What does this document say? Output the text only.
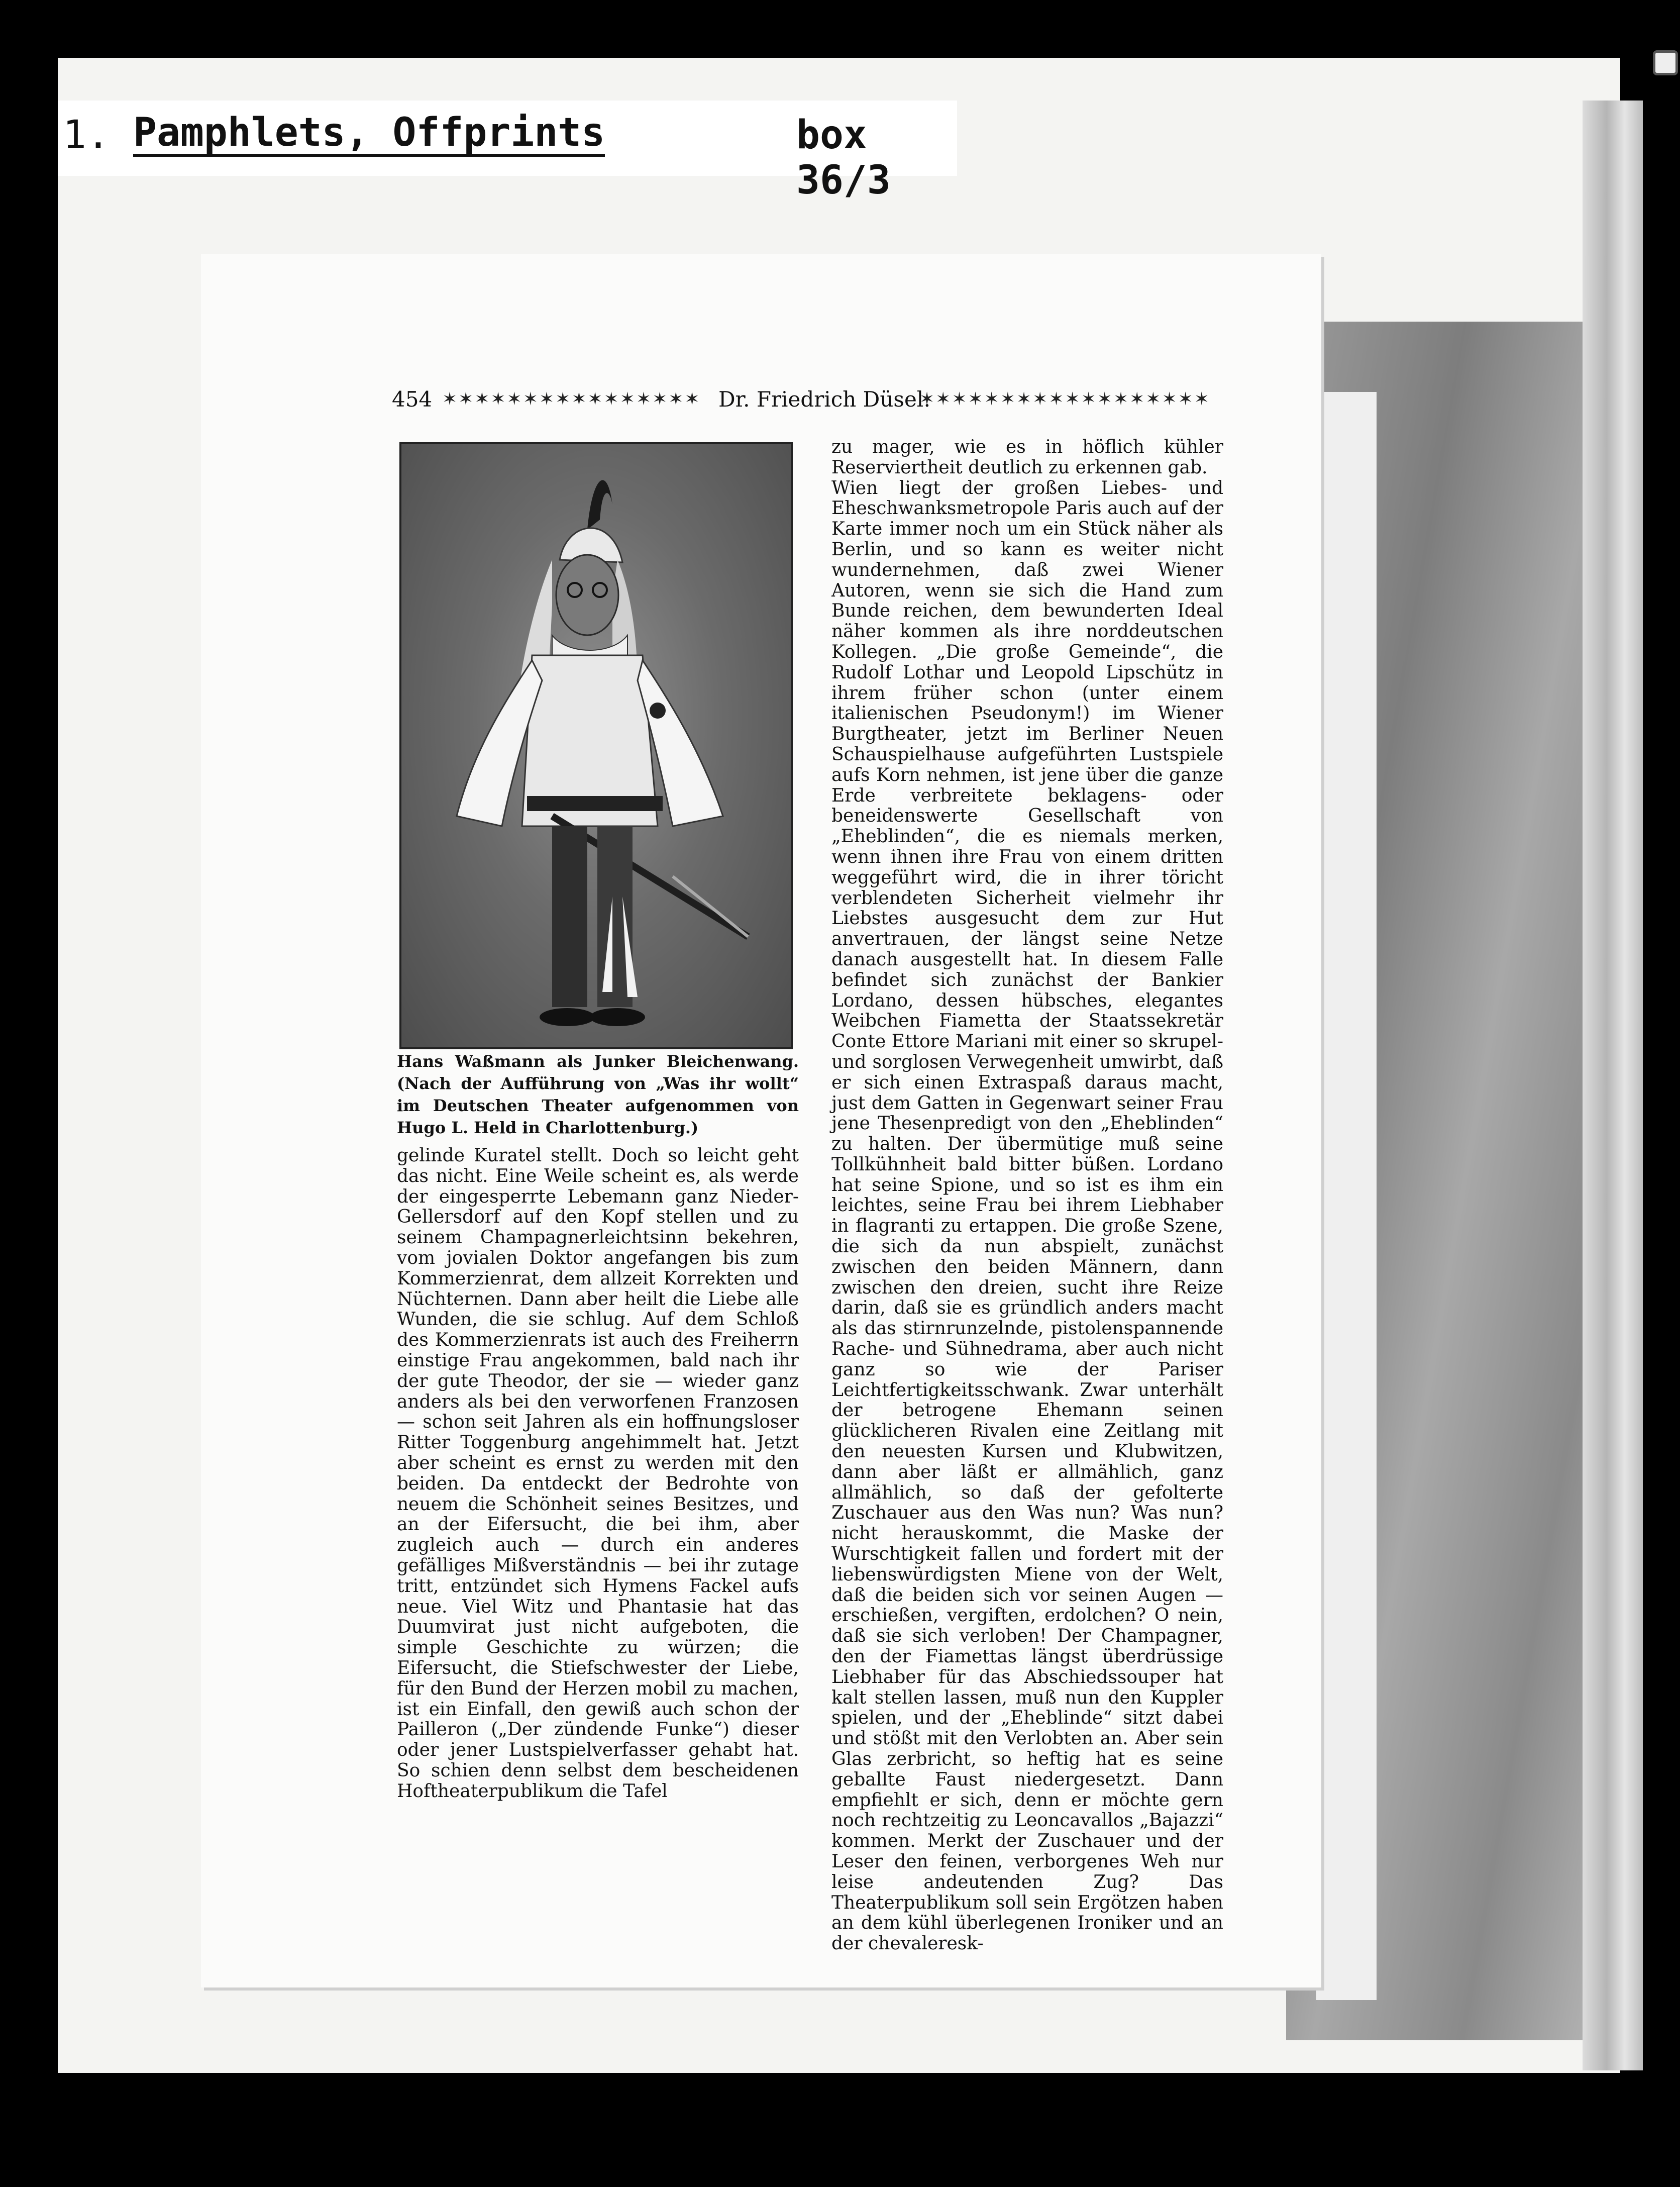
1. Pamphlets, Offprints	box 36/3
454 ✶✶✶✶✶✶✶✶✶✶✶✶✶✶✶✶ Dr. Friedrich Düsel:
✶✶✶✶✶✶✶✶✶✶✶✶✶✶✶✶✶✶
Hans Waßmann als Junker Bleichenwang. (Nach der Aufführung von „Was ihr wollt“ im Deutschen Theater aufgenommen von Hugo L. Held in Charlottenburg.)
gelinde Kuratel stellt. Doch so leicht geht das nicht. Eine Weile scheint es, als werde der eingesperrte Lebemann ganz Nieder-Gellersdorf auf den Kopf stellen und zu seinem Champagnerleichtsinn bekehren, vom jovialen Doktor angefangen bis zum Kommerzienrat, dem allzeit Korrekten und Nüchternen. Dann aber heilt die Liebe alle Wunden, die sie schlug. Auf dem Schloß des Kommerzienrats ist auch des Freiherrn einstige Frau angekommen, bald nach ihr der gute Theodor, der sie — wieder ganz anders als bei den verworfenen Franzosen — schon seit Jahren als ein hoffnungsloser Ritter Toggenburg angehimmelt hat. Jetzt aber scheint es ernst zu werden mit den beiden. Da entdeckt der Bedrohte von neuem die Schönheit seines Besitzes, und an der Eifersucht, die bei ihm, aber zugleich auch — durch ein anderes gefälliges Mißverständnis — bei ihr zutage tritt, entzündet sich Hymens Fackel aufs neue. Viel Witz und Phantasie hat das Duumvirat just nicht aufgeboten, die simple Geschichte zu würzen; die Eifersucht, die Stiefschwester der Liebe, für den Bund der Herzen mobil zu machen, ist ein Einfall, den gewiß auch schon der Pailleron („Der zündende Funke“) dieser oder jener Lustspielverfasser gehabt hat. So schien denn selbst dem bescheidenen Hoftheaterpublikum die Tafel
zu mager, wie es in höflich kühler Reserviertheit deutlich zu erkennen gab.
Wien liegt der großen Liebes- und Eheschwanksmetropole Paris auch auf der Karte immer noch um ein Stück näher als Berlin, und so kann es weiter nicht wundernehmen, daß zwei Wiener Autoren, wenn sie sich die Hand zum Bunde reichen, dem bewunderten Ideal näher kommen als ihre norddeutschen Kollegen. „Die große Gemeinde“, die Rudolf Lothar und Leopold Lipschütz in ihrem früher schon (unter einem italienischen Pseudonym!) im Wiener Burgtheater, jetzt im Berliner Neuen Schauspielhause aufgeführten Lustspiele aufs Korn nehmen, ist jene über die ganze Erde verbreitete beklagens- oder beneidenswerte Gesellschaft von „Eheblinden“, die es niemals merken, wenn ihnen ihre Frau von einem dritten weggeführt wird, die in ihrer töricht verblendeten Sicherheit vielmehr ihr Liebstes ausgesucht dem zur Hut anvertrauen, der längst seine Netze danach ausgestellt hat. In diesem Falle befindet sich zunächst der Bankier Lordano, dessen hübsches, elegantes Weibchen Fiametta der Staatssekretär Conte Ettore Mariani mit einer so skrupel- und sorglosen Verwegenheit umwirbt, daß er sich einen Extraspaß daraus macht, just dem Gatten in Gegenwart seiner Frau jene Thesenpredigt von den „Eheblinden“ zu halten. Der übermütige muß seine Tollkühnheit bald bitter büßen. Lordano hat seine Spione, und so ist es ihm ein leichtes, seine Frau bei ihrem Liebhaber in flagranti zu ertappen. Die große Szene, die sich da nun abspielt, zunächst zwischen den beiden Männern, dann zwischen den dreien, sucht ihre Reize darin, daß sie es gründlich anders macht als das stirnrunzelnde, pistolenspannende Rache- und Sühnedrama, aber auch nicht ganz so wie der Pariser Leichtfertigkeitsschwank. Zwar unterhält der betrogene Ehemann seinen glücklicheren Rivalen eine Zeitlang mit den neuesten Kursen und Klubwitzen, dann aber läßt er allmählich, ganz allmählich, so daß der gefolterte Zuschauer aus den Was nun? Was nun? nicht herauskommt, die Maske der Wurschtigkeit fallen und fordert mit der liebenswürdigsten Miene von der Welt, daß die beiden sich vor seinen Augen — erschießen, vergiften, erdolchen? O nein, daß sie sich verloben! Der Champagner, den der Fiamettas längst überdrüssige Liebhaber für das Abschiedssouper hat kalt stellen lassen, muß nun den Kuppler spielen, und der „Eheblinde“ sitzt dabei und stößt mit den Verlobten an. Aber sein Glas zerbricht, so heftig hat es seine geballte Faust niedergesetzt. Dann empfiehlt er sich, denn er möchte gern noch rechtzeitig zu Leoncavallos „Bajazzi“ kommen. Merkt der Zuschauer und der Leser den feinen, verborgenes Weh nur leise andeutenden Zug? Das Theaterpublikum soll sein Ergötzen haben an dem kühl überlegenen Ironiker und an der chevaleresk-
